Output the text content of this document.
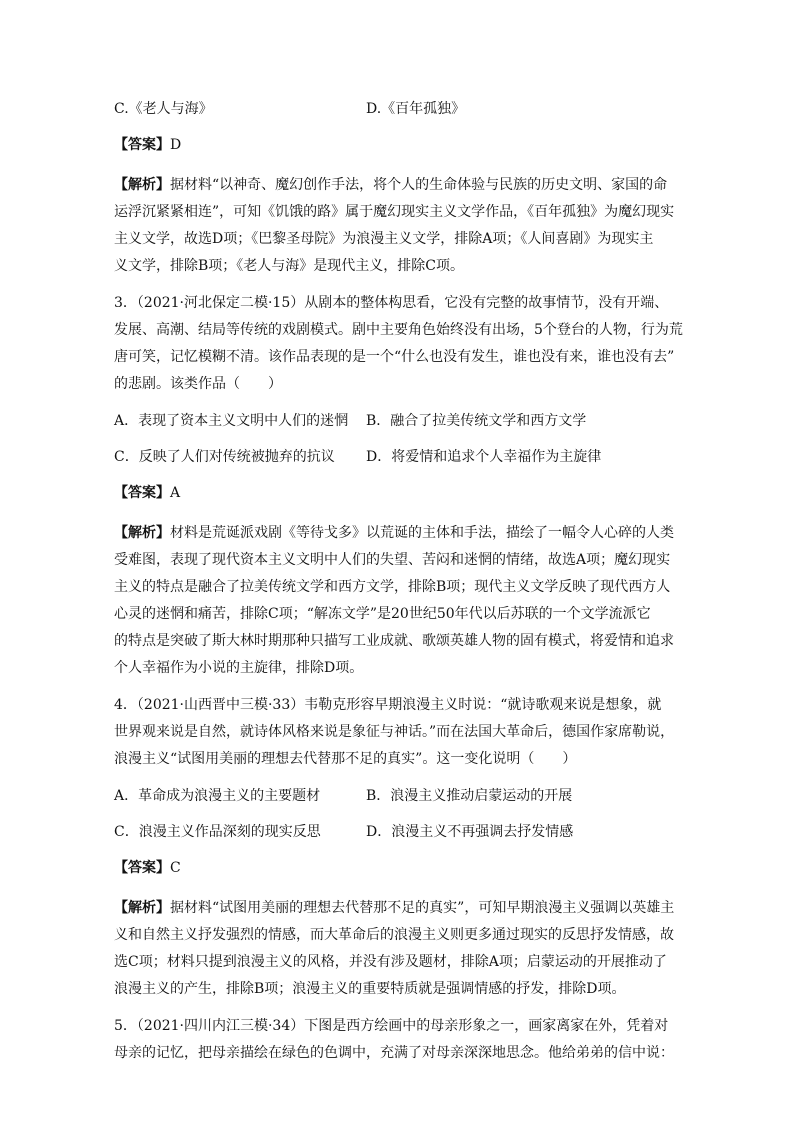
C.《老人与海》	D.《百年孤独》
【答案】D
【解析】据材料“以神奇、魔幻创作手法，将个人的生命体验与民族的历史文明、家国的命
运浮沉紧紧相连”，可知《饥饿的路》属于魔幻现实主义文学作品，《百年孤独》为魔幻现实
主义文学，故选D项；《巴黎圣母院》为浪漫主义文学，排除A项；《人间喜剧》为现实主
义文学，排除B项；《老人与海》是现代主义，排除C项。
3．（2021·河北保定二模·15）从剧本的整体构思看，它没有完整的故事情节，没有开端、
发展、高潮、结局等传统的戏剧模式。剧中主要角色始终没有出场，5个登台的人物，行为荒
唐可笑，记忆模糊不清。该作品表现的是一个“什么也没有发生，谁也没有来，谁也没有去”
的悲剧。该类作品（　　）
A．表现了资本主义文明中人们的迷惘 B．融合了拉美传统文学和西方文学
C．反映了人们对传统被抛弃的抗议 D．将爱情和追求个人幸福作为主旋律
【答案】A
【解析】材料是荒诞派戏剧《等待戈多》以荒诞的主体和手法，描绘了一幅令人心碎的人类
受难图，表现了现代资本主义文明中人们的失望、苦闷和迷惘的情绪，故选A项；魔幻现实
主义的特点是融合了拉美传统文学和西方文学，排除B项；现代主义文学反映了现代西方人
心灵的迷惘和痛苦，排除C项；“解冻文学”是20世纪50年代以后苏联的一个文学流派它
的特点是突破了斯大林时期那种只描写工业成就、歌颂英雄人物的固有模式，将爱情和追求
个人幸福作为小说的主旋律，排除D项。
4．（2021·山西晋中三模·33）韦勒克形容早期浪漫主义时说：“就诗歌观来说是想象，就
世界观来说是自然，就诗体风格来说是象征与神话。”而在法国大革命后，德国作家席勒说，
浪漫主义“试图用美丽的理想去代替那不足的真实”。这一变化说明（　　）
A．革命成为浪漫主义的主要题材	B．浪漫主义推动启蒙运动的开展
C．浪漫主义作品深刻的现实反思	D．浪漫主义不再强调去抒发情感
【答案】C
【解析】据材料“试图用美丽的理想去代替那不足的真实”，可知早期浪漫主义强调以英雄主
义和自然主义抒发强烈的情感，而大革命后的浪漫主义则更多通过现实的反思抒发情感，故
选C项；材料只提到浪漫主义的风格，并没有涉及题材，排除A项；启蒙运动的开展推动了
浪漫主义的产生，排除B项；浪漫主义的重要特质就是强调情感的抒发，排除D项。
5．（2021·四川内江三模·34）下图是西方绘画中的母亲形象之一，画家离家在外，凭着对
母亲的记忆，把母亲描绘在绿色的色调中，充满了对母亲深深地思念。他给弟弟的信中说：
